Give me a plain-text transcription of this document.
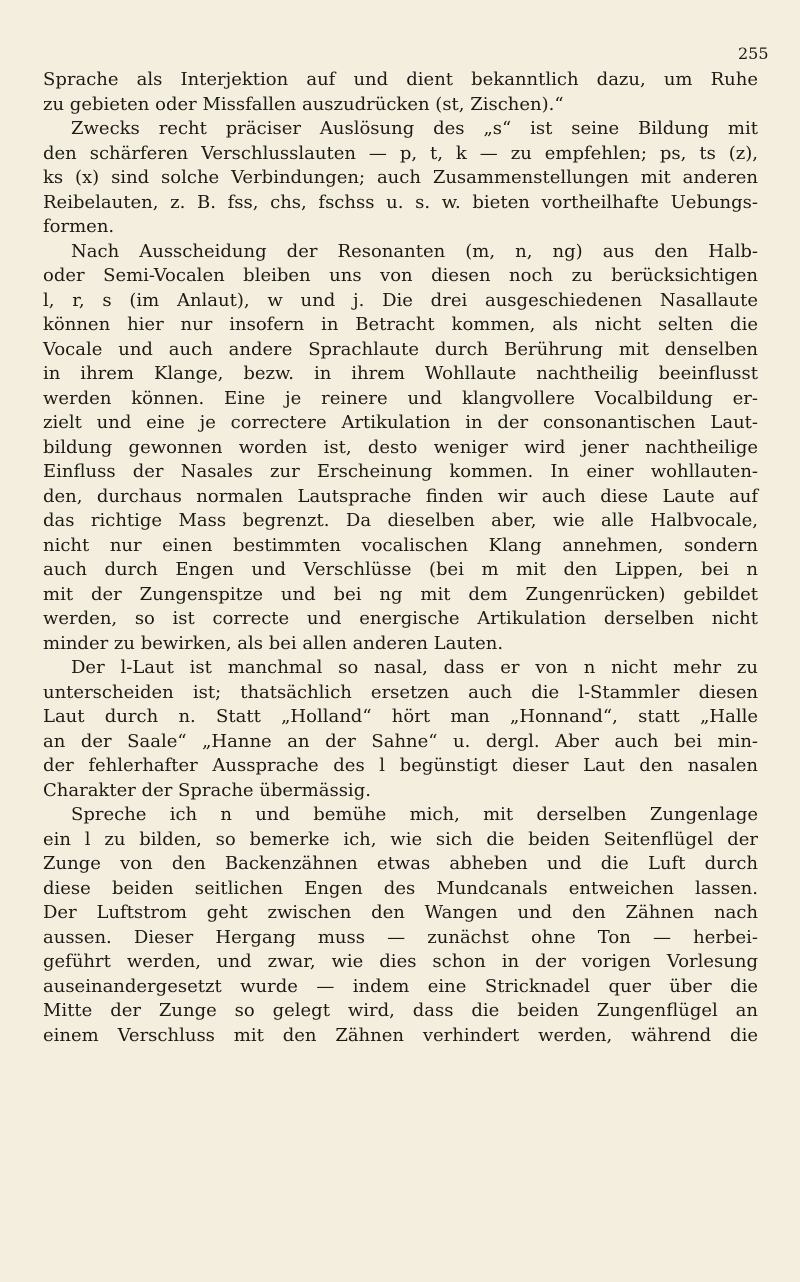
255
Sprache als Interjektion auf und dient bekanntlich dazu, um Ruhe
zu gebieten oder Missfallen auszudrücken (st, Zischen).“
Zwecks recht präciser Auslösung des „s“ ist seine Bildung mit
den schärferen Verschlusslauten — p, t, k — zu empfehlen; ps, ts (z),
ks (x) sind solche Verbindungen; auch Zusammenstellungen mit anderen
Reibelauten, z. B. fss, chs, fschss u. s. w. bieten vortheilhafte Uebungs-
formen.
Nach Ausscheidung der Resonanten (m, n, ng) aus den Halb-
oder Semi-Vocalen bleiben uns von diesen noch zu berücksichtigen
l, r, s (im Anlaut), w und j. Die drei ausgeschiedenen Nasallaute
können hier nur insofern in Betracht kommen, als nicht selten die
Vocale und auch andere Sprachlaute durch Berührung mit denselben
in ihrem Klange, bezw. in ihrem Wohllaute nachtheilig beeinflusst
werden können. Eine je reinere und klangvollere Vocalbildung er-
zielt und eine je correctere Artikulation in der consonantischen Laut-
bildung gewonnen worden ist, desto weniger wird jener nachtheilige
Einfluss der Nasales zur Erscheinung kommen. In einer wohllauten-
den, durchaus normalen Lautsprache finden wir auch diese Laute auf
das richtige Mass begrenzt. Da dieselben aber, wie alle Halbvocale,
nicht nur einen bestimmten vocalischen Klang annehmen, sondern
auch durch Engen und Verschlüsse (bei m mit den Lippen, bei n
mit der Zungenspitze und bei ng mit dem Zungenrücken) gebildet
werden, so ist correcte und energische Artikulation derselben nicht
minder zu bewirken, als bei allen anderen Lauten.
Der l-Laut ist manchmal so nasal, dass er von n nicht mehr zu
unterscheiden ist; thatsächlich ersetzen auch die l-Stammler diesen
Laut durch n. Statt „Holland“ hört man „Honnand“, statt „Halle
an der Saale“ „Hanne an der Sahne“ u. dergl. Aber auch bei min-
der fehlerhafter Aussprache des l begünstigt dieser Laut den nasalen
Charakter der Sprache übermässig.
Spreche ich n und bemühe mich, mit derselben Zungenlage
ein l zu bilden, so bemerke ich, wie sich die beiden Seitenflügel der
Zunge von den Backenzähnen etwas abheben und die Luft durch
diese beiden seitlichen Engen des Mundcanals entweichen lassen.
Der Luftstrom geht zwischen den Wangen und den Zähnen nach
aussen. Dieser Hergang muss — zunächst ohne Ton — herbei-
geführt werden, und zwar, wie dies schon in der vorigen Vorlesung
auseinandergesetzt wurde — indem eine Stricknadel quer über die
Mitte der Zunge so gelegt wird, dass die beiden Zungenflügel an
einem Verschluss mit den Zähnen verhindert werden, während die
